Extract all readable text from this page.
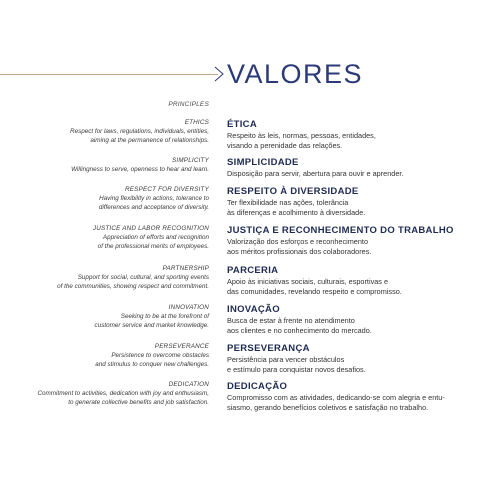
VALORES
PRINCIPLES
ETHICS
Respect for laws, regulations, individuals, entities,
aiming at the permanence of relationships.
ÉTICA
Respeito às leis, normas, pessoas, entidades,
visando a perenidade das relações.
SIMPLICITY
Willingness to serve, openness to hear and learn.
SIMPLICIDADE
Disposição para servir, abertura para ouvir e aprender.
RESPECT FOR DIVERSITY
Having flexibility in actions, tolerance to
differences and acceptance of diversity.
RESPEITO À DIVERSIDADE
Ter flexibilidade nas ações, tolerância
às diferenças e acolhimento à diversidade.
JUSTICE AND LABOR RECOGNITION
Appreciation of efforts and recognition
of the professional merits of employees.
JUSTIÇA E RECONHECIMENTO DO TRABALHO
Valorização dos esforços e reconhecimento
aos méritos profissionais dos colaboradores.
PARTNERSHIP
Support for social, cultural, and sporting events
of the communities, showing respect and commitment.
PARCERIA
Apoio às iniciativas sociais, culturais, esportivas e
das comunidades, revelando respeito e compromisso.
INNOVATION
Seeking to be at the forefront of
customer service and market knowledge.
INOVAÇÃO
Busca de estar à frente no atendimento
aos clientes e no conhecimento do mercado.
PERSEVERANCE
Persistence to overcome obstacles
and stimulus to conquer new challenges.
PERSEVERANÇA
Persistência para vencer obstáculos
e estímulo para conquistar novos desafios.
DEDICATION
Commitment to activities, dedication with joy and enthusiasm,
to generate collective benefits and job satisfaction.
DEDICAÇÃO
Compromisso com as atividades, dedicando-se com alegria e entu-
siasmo, gerando benefícios coletivos e satisfação no trabalho.
